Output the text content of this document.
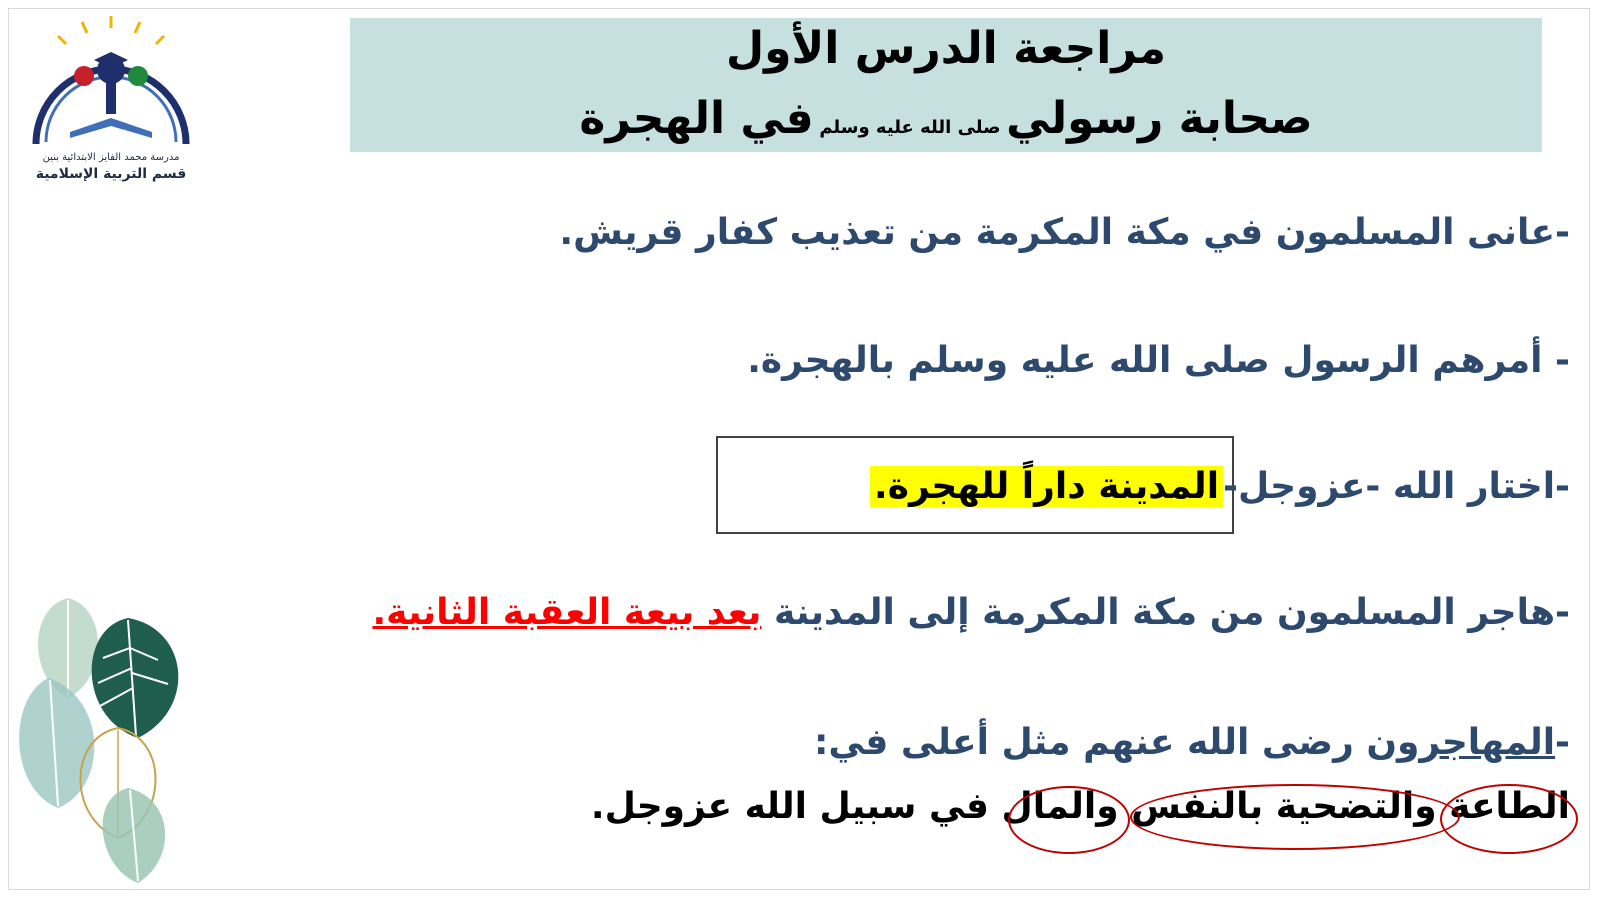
بالقلم نسمو
مدرسة محمد الفايز الابتدائية بنين
قسم التربية الإسلامية
مراجعة الدرس الأول
صحابة رسولي صلى الله عليه وسلم في الهجرة
-عانى المسلمون في مكة المكرمة من تعذيب كفار قريش.
- أمرهم الرسول صلى الله عليه وسلم بالهجرة.
-اختار الله -عزوجل-المدينة داراً للهجرة.
-هاجر المسلمون من مكة المكرمة إلى المدينة بعد بيعة العقبة الثانية.
-المهاجرون رضى الله عنهم مثل أعلى في:
الطاعة والتضحية بالنفس والمال في سبيل الله عزوجل.
